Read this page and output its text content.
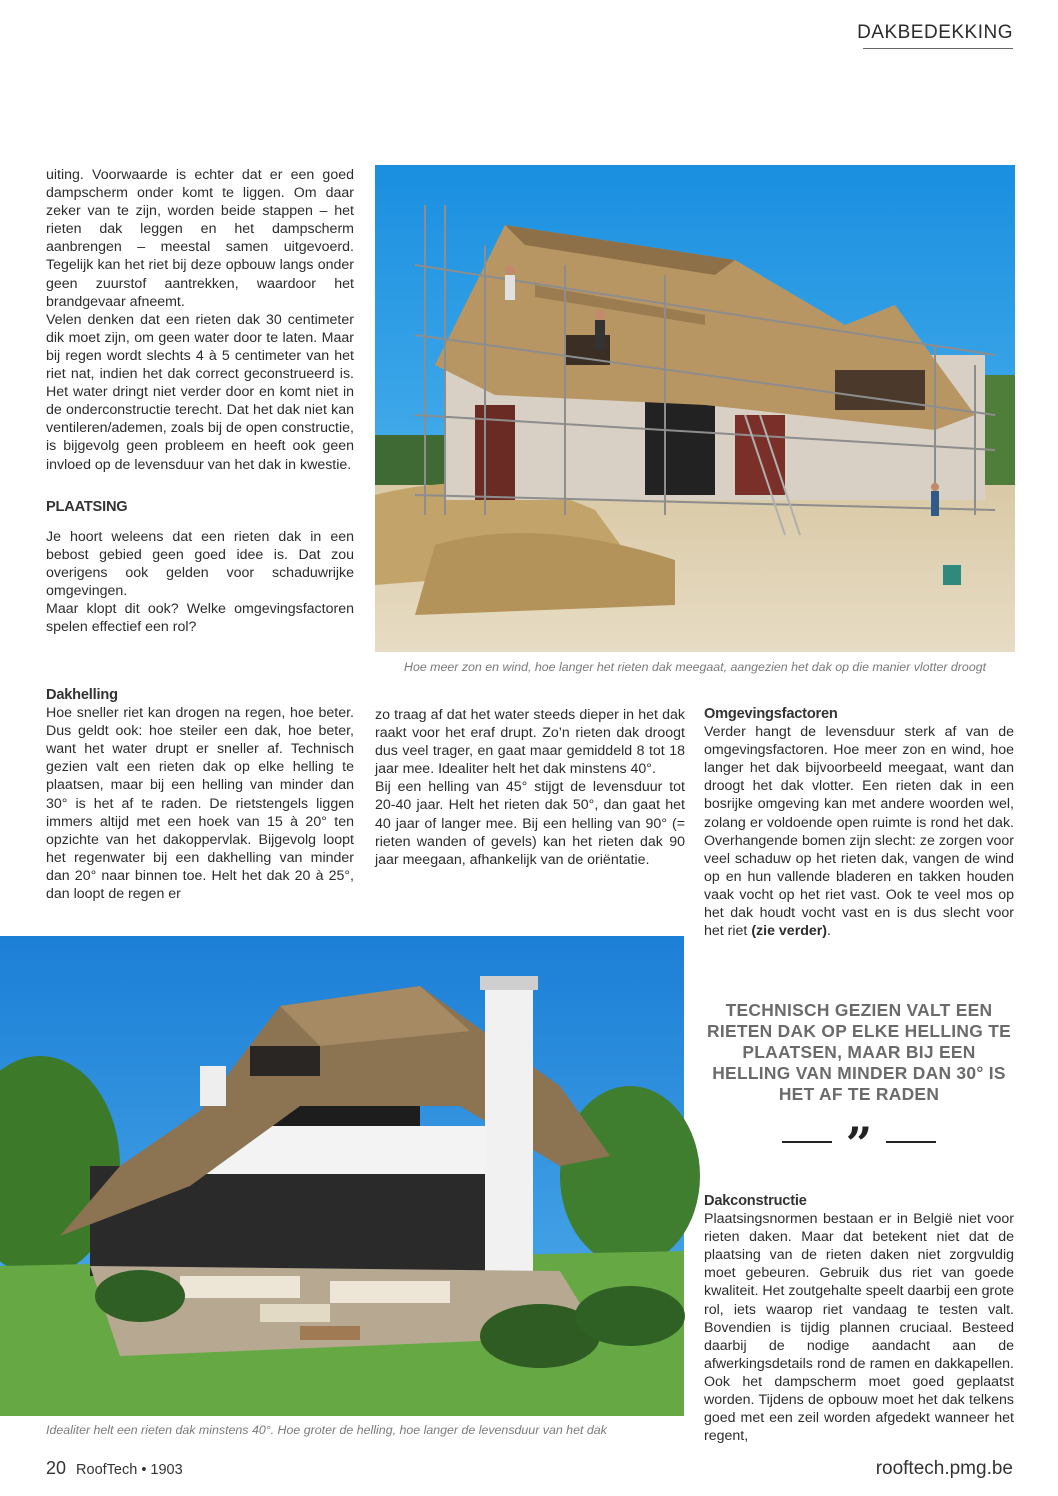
DAKBEDEKKING

uiting. Voorwaarde is echter dat er een goed dampscherm onder komt te liggen. Om daar zeker van te zijn, worden beide stappen – het rieten dak leggen en het dampscherm aanbrengen – meestal samen uitgevoerd. Tegelijk kan het riet bij deze opbouw langs onder geen zuurstof aantrekken, waardoor het brandgevaar afneemt.

Velen denken dat een rieten dak 30 centimeter dik moet zijn, om geen water door te laten. Maar bij regen wordt slechts 4 à 5 centimeter van het riet nat, indien het dak correct geconstrueerd is. Het water dringt niet verder door en komt niet in de onderconstructie terecht. Dat het dak niet kan ventileren/ademen, zoals bij de open constructie, is bijgevolg geen probleem en heeft ook geen invloed op de levensduur van het dak in kwestie.

PLAATSING

Je hoort weleens dat een rieten dak in een bebost gebied geen goed idee is. Dat zou overigens ook gelden voor schaduwrijke omgevingen.

Maar klopt dit ook? Welke omgevingsfactoren spelen effectief een rol?

Dakhelling

Hoe sneller riet kan drogen na regen, hoe beter. Dus geldt ook: hoe steiler een dak, hoe beter, want het water drupt er sneller af. Technisch gezien valt een rieten dak op elke helling te plaatsen, maar bij een helling van minder dan 30° is het af te raden. De rietstengels liggen immers altijd met een hoek van 15 à 20° ten opzichte van het dakoppervlak. Bijgevolg loopt het regenwater bij een dakhelling van minder dan 20° naar binnen toe. Helt het dak 20 à 25°, dan loopt de regen er

zo traag af dat het water steeds dieper in het dak raakt voor het eraf drupt. Zo’n rieten dak droogt dus veel trager, en gaat maar gemiddeld 8 tot 18 jaar mee. Idealiter helt het dak minstens 40°.

Bij een helling van 45° stijgt de levensduur tot 20-40 jaar. Helt het rieten dak 50°, dan gaat het 40 jaar of langer mee. Bij een helling van 90° (= rieten wanden of gevels) kan het rieten dak 90 jaar meegaan, afhankelijk van de oriëntatie.

Omgevingsfactoren

Verder hangt de levensduur sterk af van de omgevingsfactoren. Hoe meer zon en wind, hoe langer het dak bijvoorbeeld meegaat, want dan droogt het dak vlotter. Een rieten dak in een bosrijke omgeving kan met andere woorden wel, zolang er voldoende open ruimte is rond het dak. Overhangende bomen zijn slecht: ze zorgen voor veel schaduw op het rieten dak, vangen de wind op en hun vallende bladeren en takken houden vaak vocht op het riet vast. Ook te veel mos op het dak houdt vocht vast en is dus slecht voor het riet (zie verder).

TECHNISCH GEZIEN VALT EEN RIETEN DAK OP ELKE HELLING TE PLAATSEN, MAAR BIJ EEN HELLING VAN MINDER DAN 30° IS HET AF TE RADEN
”
Dakconstructie

Plaatsingsnormen bestaan er in België niet voor rieten daken. Maar dat betekent niet dat de plaatsing van de rieten daken niet zorgvuldig moet gebeuren. Gebruik dus riet van goede kwaliteit. Het zoutgehalte speelt daarbij een grote rol, iets waarop riet vandaag te testen valt. Bovendien is tijdig plannen cruciaal. Besteed daarbij de nodige aandacht aan de afwerkingsdetails rond de ramen en dakkapellen. Ook het dampscherm moet goed geplaatst worden. Tijdens de opbouw moet het dak telkens goed met een zeil worden afgedekt wanneer het regent,

Hoe meer zon en wind, hoe langer het rieten dak meegaat, aangezien het dak op die manier vlotter droogt
Idealiter helt een rieten dak minstens 40°. Hoe groter de helling, hoe langer de levensduur van het dak
20 RoofTech • 1903	rooftech.pmg.be
